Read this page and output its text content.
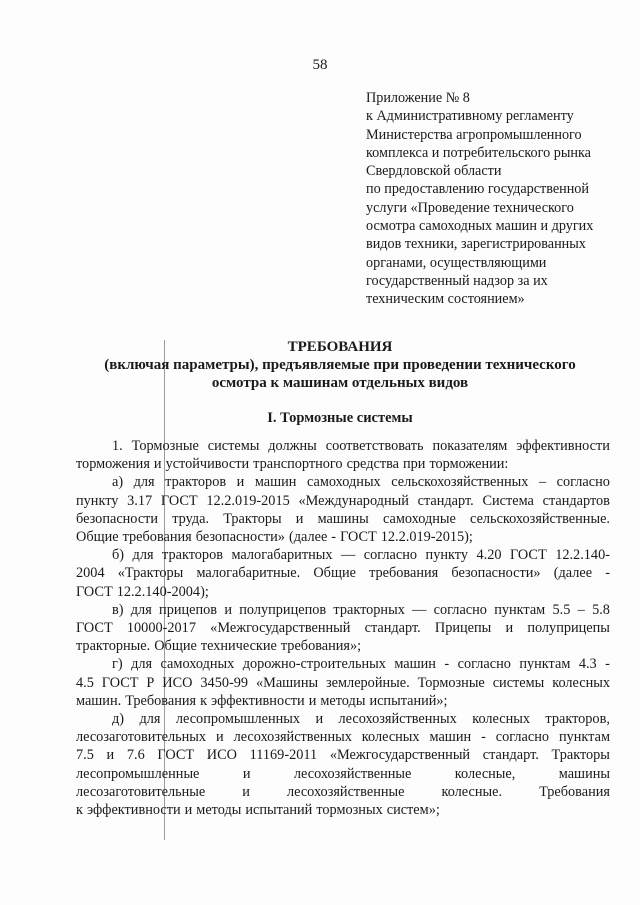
58
Приложение № 8
к Административному регламенту
Министерства агропромышленного
комплекса и потребительского рынка
Свердловской области
по предоставлению государственной
услуги «Проведение технического
осмотра самоходных машин и других
видов техники, зарегистрированных
органами, осуществляющими
государственный надзор за их
техническим состоянием»
ТРЕБОВАНИЯ
(включая параметры), предъявляемые при проведении технического
осмотра к машинам отдельных видов
I. Тормозные системы
1. Тормозные системы должны соответствовать показателям эффективности
торможения и устойчивости транспортного средства при торможении:
а) для тракторов и машин самоходных сельскохозяйственных – согласно
пункту 3.17 ГОСТ 12.2.019-2015 «Международный стандарт. Система стандартов
безопасности труда. Тракторы и машины самоходные сельскохозяйственные.
Общие требования безопасности» (далее - ГОСТ 12.2.019-2015);
б) для тракторов малогабаритных — согласно пункту 4.20 ГОСТ 12.2.140-
2004 «Тракторы малогабаритные. Общие требования безопасности» (далее -
ГОСТ 12.2.140-2004);
в) для прицепов и полуприцепов тракторных — согласно пунктам 5.5 – 5.8
ГОСТ 10000-2017 «Межгосударственный стандарт. Прицепы и полуприцепы
тракторные. Общие технические требования»;
г) для самоходных дорожно-строительных машин - согласно пунктам 4.3 -
4.5 ГОСТ Р ИСО 3450-99 «Машины землеройные. Тормозные системы колесных
машин. Требования к эффективности и методы испытаний»;
д) для лесопромышленных и лесохозяйственных колесных тракторов,
лесозаготовительных и лесохозяйственных колесных машин - согласно пунктам
7.5 и 7.6 ГОСТ ИСО 11169-2011 «Межгосударственный стандарт. Тракторы
лесопромышленные	и	лесохозяйственные	колесные,	машины
лесозаготовительные	и	лесохозяйственные	колесные.	Требования
к эффективности и методы испытаний тормозных систем»;
